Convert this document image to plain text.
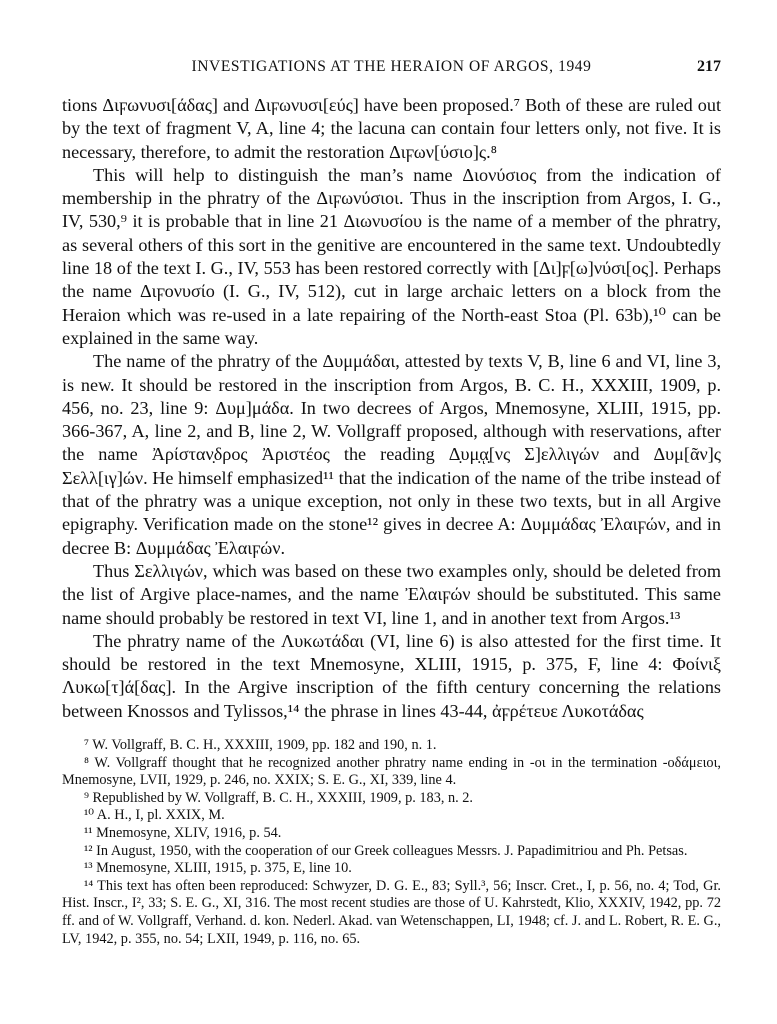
INVESTIGATIONS AT THE HERAION OF ARGOS, 1949	217

tions Διϝωνυσι[άδας] and Διϝωνυσι[εύς] have been proposed.⁷ Both of these are ruled out by the text of fragment V, A, line 4; the lacuna can contain four letters only, not five. It is necessary, therefore, to admit the restoration Διϝων[ύσιο]ς.⁸

This will help to distinguish the man’s name Διονύσιος from the indication of membership in the phratry of the Διϝωνύσιοι. Thus in the inscription from Argos, I. G., IV, 530,⁹ it is probable that in line 21 Διωνυσίου is the name of a member of the phratry, as several others of this sort in the genitive are encountered in the same text. Undoubtedly line 18 of the text I. G., IV, 553 has been restored correctly with [Δι]ϝ[ω]νύσι[ος]. Perhaps the name Διϝονυσίο (I. G., IV, 512), cut in large archaic letters on a block from the Heraion which was re-used in a late repairing of the North-east Stoa (Pl. 63b),¹⁰ can be explained in the same way.

The name of the phratry of the Δυμμάδαι, attested by texts V, B, line 6 and VI, line 3, is new. It should be restored in the inscription from Argos, B. C. H., XXXIII, 1909, p. 456, no. 23, line 9: Δυμ]μάδα. In two decrees of Argos, Mnemosyne, XLIII, 1915, pp. 366-367, A, line 2, and B, line 2, W. Vollgraff proposed, although with reservations, after the name Ἀρίσταν̣δρος Ἀριστέος the reading Δ̣υμ̣ᾳ̣[νς Σ]ελλιγών and Δυμ[ᾶν]ς Σελλ[ιγ]ών. He himself emphasized¹¹ that the indication of the name of the tribe instead of that of the phratry was a unique exception, not only in these two texts, but in all Argive epigraphy. Verification made on the stone¹² gives in decree A: Δυμμάδας Ἐλαιϝών, and in decree B: Δυμμάδας Ἐλαιϝών.

Thus Σελλιγών, which was based on these two examples only, should be deleted from the list of Argive place-names, and the name Ἐλαιϝών should be substituted. This same name should probably be restored in text VI, line 1, and in another text from Argos.¹³

The phratry name of the Λυκωτάδαι (VI, line 6) is also attested for the first time. It should be restored in the text Mnemosyne, XLIII, 1915, p. 375, F, line 4: Φοίνιξ Λυκω[τ]ά[δας]. In the Argive inscription of the fifth century concerning the relations between Knossos and Tylissos,¹⁴ the phrase in lines 43-44, ἀϝρέτευε Λυκοτάδας

⁷ W. Vollgraff, B. C. H., XXXIII, 1909, pp. 182 and 190, n. 1.

⁸ W. Vollgraff thought that he recognized another phratry name ending in -οι in the termination -οδάμειοι, Mnemosyne, LVII, 1929, p. 246, no. XXIX; S. E. G., XI, 339, line 4.

⁹ Republished by W. Vollgraff, B. C. H., XXXIII, 1909, p. 183, n. 2.

¹⁰ A. H., I, pl. XXIX, M.

¹¹ Mnemosyne, XLIV, 1916, p. 54.

¹² In August, 1950, with the cooperation of our Greek colleagues Messrs. J. Papadimitriou and Ph. Petsas.

¹³ Mnemosyne, XLIII, 1915, p. 375, E, line 10.

¹⁴ This text has often been reproduced: Schwyzer, D. G. E., 83; Syll.³, 56; Inscr. Cret., I, p. 56, no. 4; Tod, Gr. Hist. Inscr., I², 33; S. E. G., XI, 316. The most recent studies are those of U. Kahrstedt, Klio, XXXIV, 1942, pp. 72 ff. and of W. Vollgraff, Verhand. d. kon. Nederl. Akad. van Wetenschappen, LI, 1948; cf. J. and L. Robert, R. E. G., LV, 1942, p. 355, no. 54; LXII, 1949, p. 116, no. 65.
